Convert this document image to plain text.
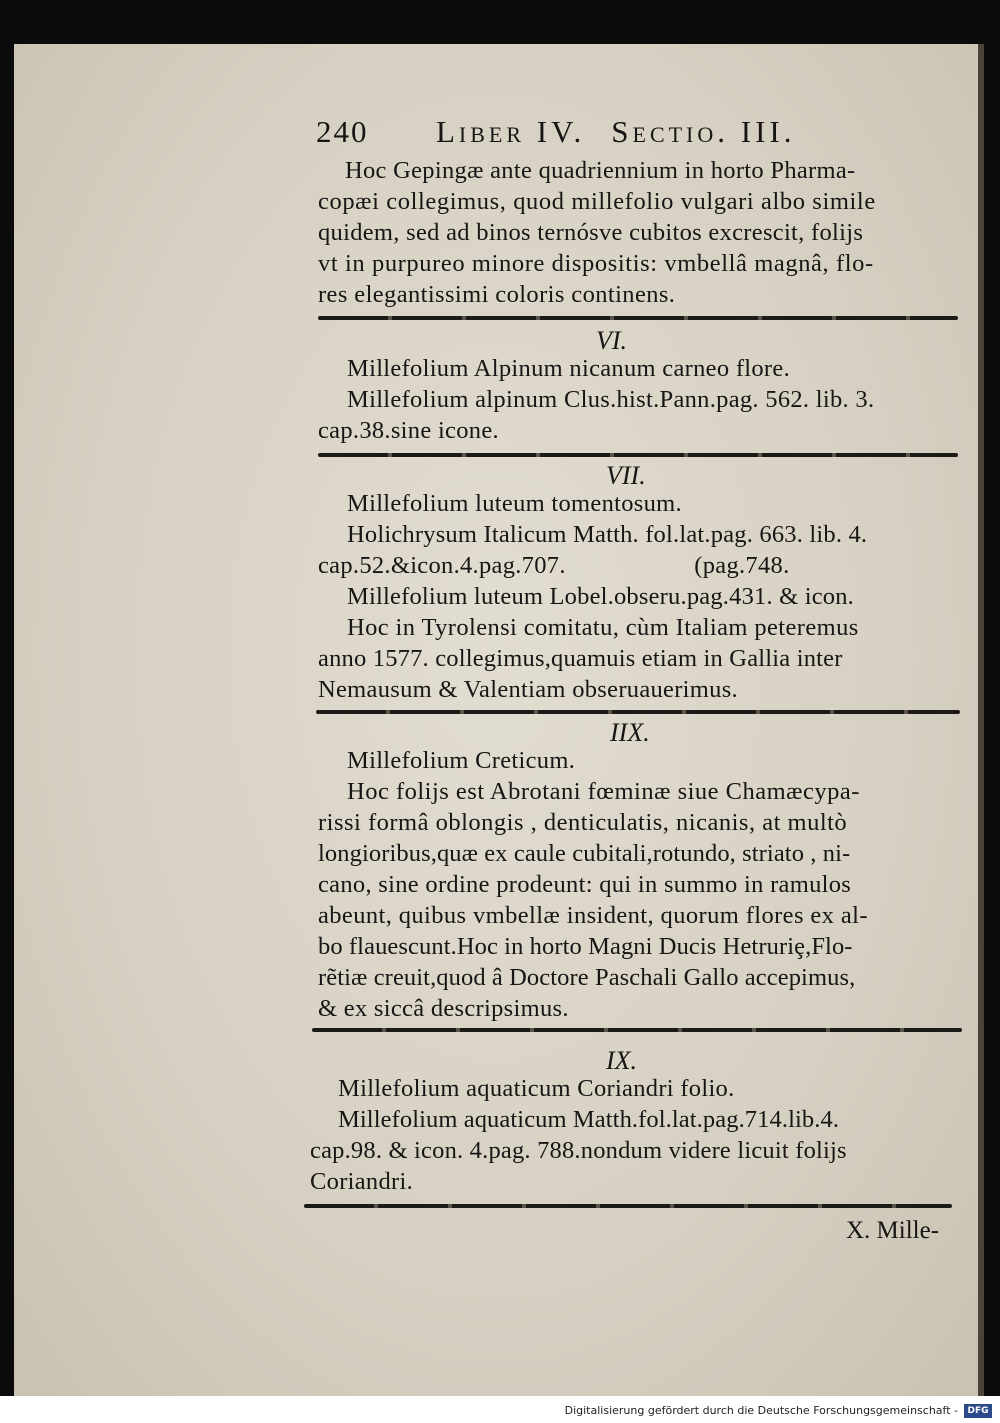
240 Liber IV. Sectio. III.
Hoc Gepingæ ante quadriennium in horto Pharma-
copæi collegimus, quod millefolio vulgari albo simile
quidem, sed ad binos ternósve cubitos excrescit, folijs
vt in purpureo minore dispositis: vmbellâ magnâ, flo-
res elegantissimi coloris continens.
VI.
Millefolium Alpinum nicanum carneo flore.
Millefolium alpinum Clus.hist.Pann.pag. 562. lib. 3.
cap.38.sine icone.
VII.
Millefolium luteum tomentosum.
Holichrysum Italicum Matth. fol.lat.pag. 663. lib. 4.
cap.52.&icon.4.pag.707.                    (pag.748.
Millefolium luteum Lobel.obseru.pag.431. & icon.
Hoc in Tyrolensi comitatu, cùm Italiam peteremus
anno 1577. collegimus,quamuis etiam in Gallia inter
Nemausum & Valentiam obseruauerimus.
IIX.
Millefolium Creticum.
Hoc folijs est Abrotani fœminæ siue Chamæcypa-
rissi formâ oblongis , denticulatis, nicanis, at multò
longioribus,quæ ex caule cubitali,rotundo, striato , ni-
cano, sine ordine prodeunt: qui in summo in ramulos
abeunt, quibus vmbellæ insident, quorum flores ex al-
bo flauescunt.Hoc in horto Magni Ducis Hetruriȩ,Flo-
rẽtiæ creuit,quod â Doctore Paschali Gallo accepimus,
& ex siccâ descripsimus.
IX.
Millefolium aquaticum Coriandri folio.
Millefolium aquaticum Matth.fol.lat.pag.714.lib.4.
cap.98. & icon. 4.pag. 788.nondum videre licuit folijs
Coriandri.
X. Mille-
Digitalisierung gefördert durch die Deutsche Forschungsgemeinschaft -	DFG
